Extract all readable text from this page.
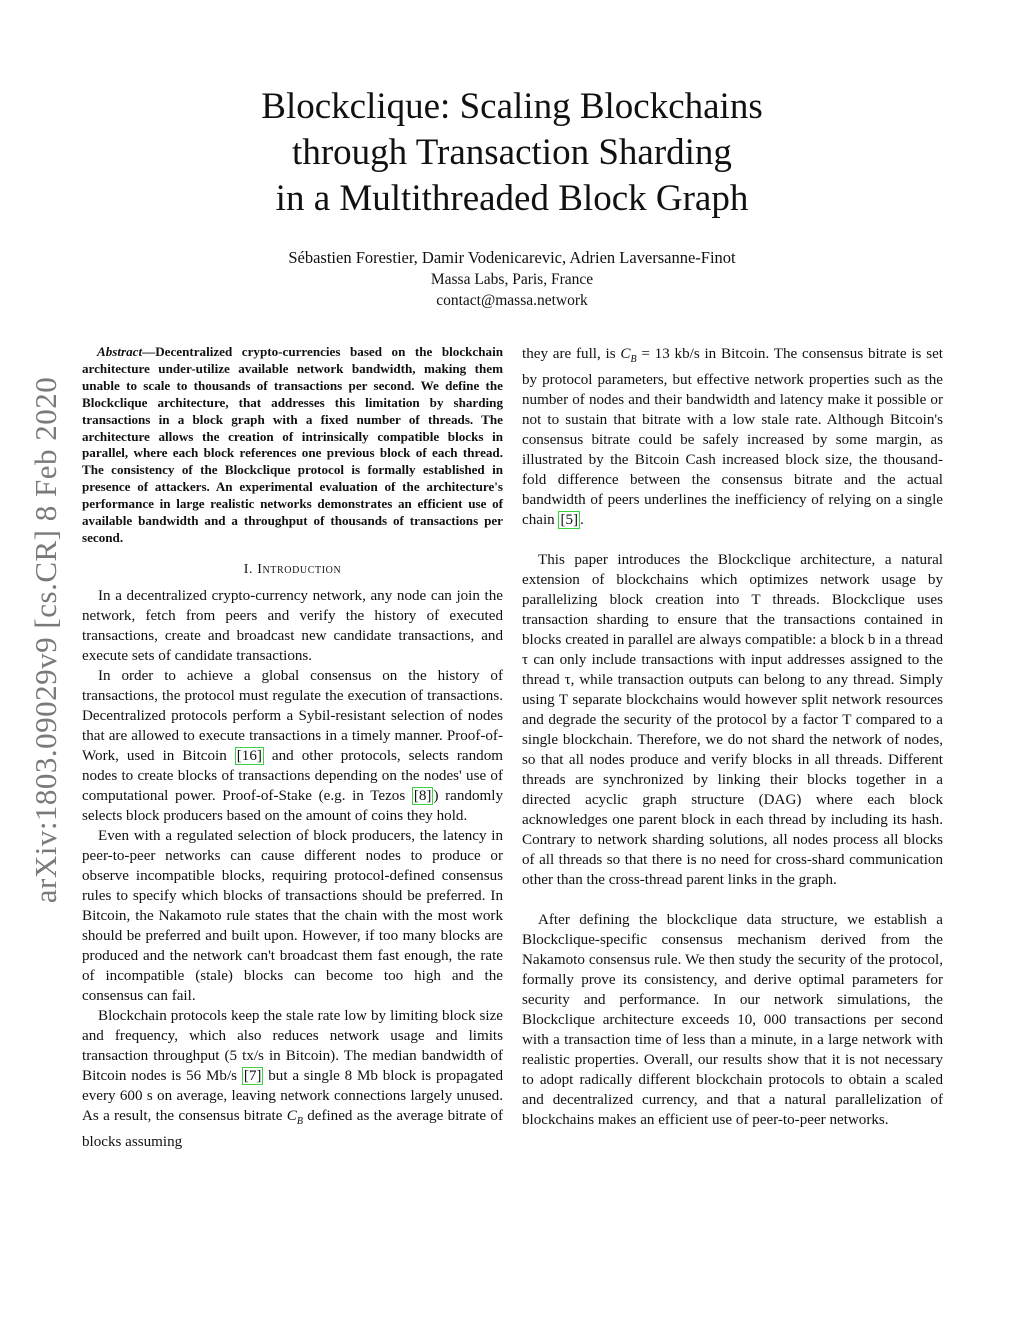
arXiv:1803.09029v9 [cs.CR] 8 Feb 2020
Blockclique: Scaling Blockchains
through Transaction Sharding
in a Multithreaded Block Graph
Sébastien Forestier, Damir Vodenicarevic, Adrien Laversanne-Finot
Massa Labs, Paris, France
contact@massa.network

Abstract—Decentralized crypto-currencies based on the blockchain architecture under-utilize available network bandwidth, making them unable to scale to thousands of transactions per second. We define the Blockclique architecture, that addresses this limitation by sharding transactions in a block graph with a fixed number of threads. The architecture allows the creation of intrinsically compatible blocks in parallel, where each block references one previous block of each thread. The consistency of the Blockclique protocol is formally established in presence of attackers. An experimental evaluation of the architecture's performance in large realistic networks demonstrates an efficient use of available bandwidth and a throughput of thousands of transactions per second.

I. Introduction

In a decentralized crypto-currency network, any node can join the network, fetch from peers and verify the history of executed transactions, create and broadcast new candidate transactions, and execute sets of candidate transactions.

In order to achieve a global consensus on the history of transactions, the protocol must regulate the execution of transactions. Decentralized protocols perform a Sybil-resistant selection of nodes that are allowed to execute transactions in a timely manner. Proof-of-Work, used in Bitcoin [16] and other protocols, selects random nodes to create blocks of transactions depending on the nodes' use of computational power. Proof-of-Stake (e.g. in Tezos [8] ) randomly selects block producers based on the amount of coins they hold.

Even with a regulated selection of block producers, the latency in peer-to-peer networks can cause different nodes to produce or observe incompatible blocks, requiring protocol-defined consensus rules to specify which blocks of transactions should be preferred. In Bitcoin, the Nakamoto rule states that the chain with the most work should be preferred and built upon. However, if too many blocks are produced and the network can't broadcast them fast enough, the rate of incompatible (stale) blocks can become too high and the consensus can fail.

Blockchain protocols keep the stale rate low by limiting block size and frequency, which also reduces network usage and limits transaction throughput (5 tx/s in Bitcoin). The median bandwidth of Bitcoin nodes is 56 Mb/s [7] but a single 8 Mb block is propagated every 600 s on average, leaving network connections largely unused. As a result, the consensus bitrate $C_B$ defined as the average bitrate of blocks assuming

they are full, is $C_B = 13$ kb/s in Bitcoin. The consensus bitrate is set by protocol parameters, but effective network properties such as the number of nodes and their bandwidth and latency make it possible or not to sustain that bitrate with a low stale rate. Although Bitcoin's consensus bitrate could be safely increased by some margin, as illustrated by the Bitcoin Cash increased block size, the thousand-fold difference between the consensus bitrate and the actual bandwidth of peers underlines the inefficiency of relying on a single chain [5] .

This paper introduces the Blockclique architecture, a natural extension of blockchains which optimizes network usage by parallelizing block creation into T threads. Blockclique uses transaction sharding to ensure that the transactions contained in blocks created in parallel are always compatible: a block b in a thread τ can only include transactions with input addresses assigned to the thread τ, while transaction outputs can belong to any thread. Simply using T separate blockchains would however split network resources and degrade the security of the protocol by a factor T compared to a single blockchain. Therefore, we do not shard the network of nodes, so that all nodes produce and verify blocks in all threads. Different threads are synchronized by linking their blocks together in a directed acyclic graph structure (DAG) where each block acknowledges one parent block in each thread by including its hash. Contrary to network sharding solutions, all nodes process all blocks of all threads so that there is no need for cross-shard communication other than the cross-thread parent links in the graph.

After defining the blockclique data structure, we establish a Blockclique-specific consensus mechanism derived from the Nakamoto consensus rule. We then study the security of the protocol, formally prove its consistency, and derive optimal parameters for security and performance. In our network simulations, the Blockclique architecture exceeds 10, 000 transactions per second with a transaction time of less than a minute, in a large network with realistic properties. Overall, our results show that it is not necessary to adopt radically different blockchain protocols to obtain a scaled and decentralized currency, and that a natural parallelization of blockchains makes an efficient use of peer-to-peer networks.
